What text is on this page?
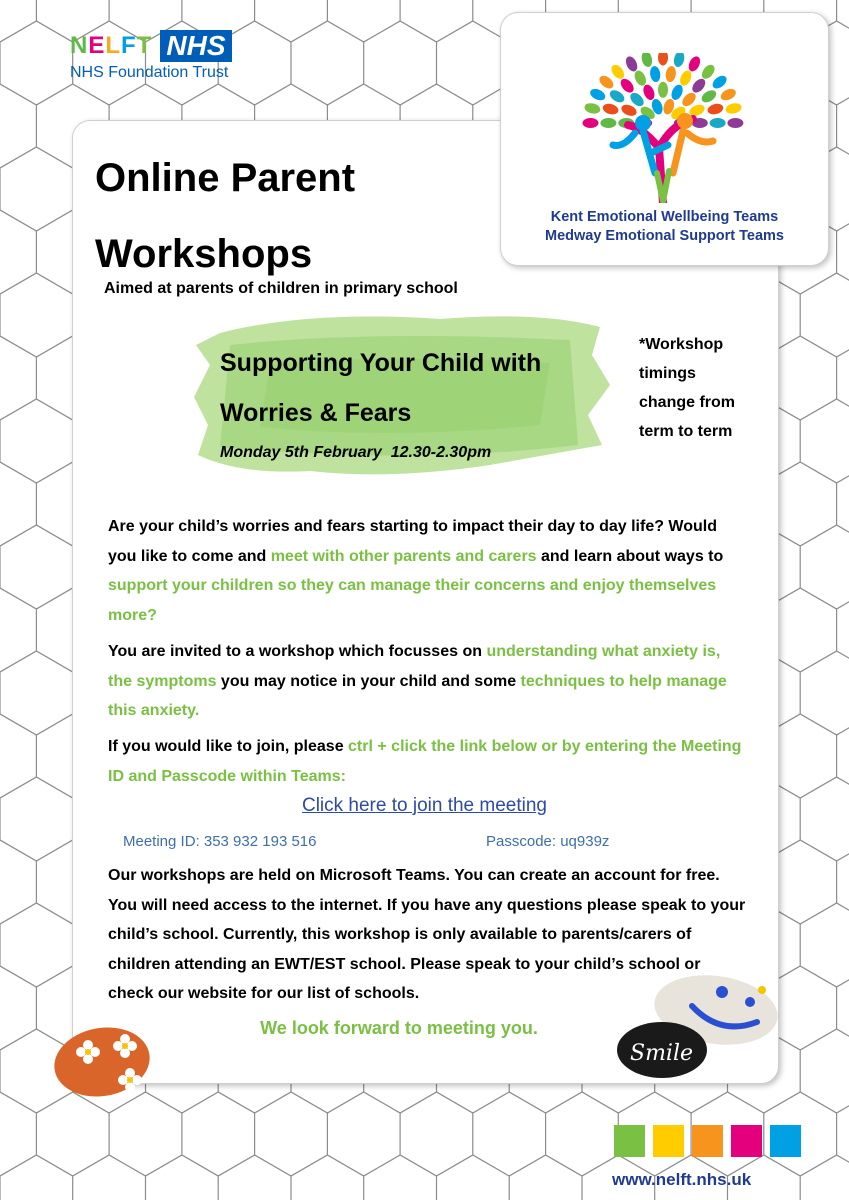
NELFT NHS
NHS Foundation Trust
Kent Emotional Wellbeing Teams
Medway Emotional Support Teams
Online Parent
Workshops
Aimed at parents of children in primary school
Supporting Your Child with
Worries & Fears
Monday 5th February  12.30-2.30pm
*Workshop
timings
change from
term to term
Are your child’s worries and fears starting to impact their day to day life? Would you like to come and meet with other parents and carers and learn about ways to support your children so they can manage their concerns and enjoy themselves more?
You are invited to a workshop which focusses on understanding what anxiety is, the symptoms you may notice in your child and some techniques to help manage this anxiety.
If you would like to join, please ctrl + click the link below or by entering the Meeting ID and Passcode within Teams:
Click here to join the meeting
Meeting ID: 353 932 193 516	Passcode: uq939z
Our workshops are held on Microsoft Teams. You can create an account for free. You will need access to the internet. If you have any questions please speak to your child’s school. Currently, this workshop is only available to parents/carers of children attending an EWT/EST school. Please speak to your child’s school or check our website for our list of schools.
We look forward to meeting you.
Smile
www.nelft.nhs.uk
